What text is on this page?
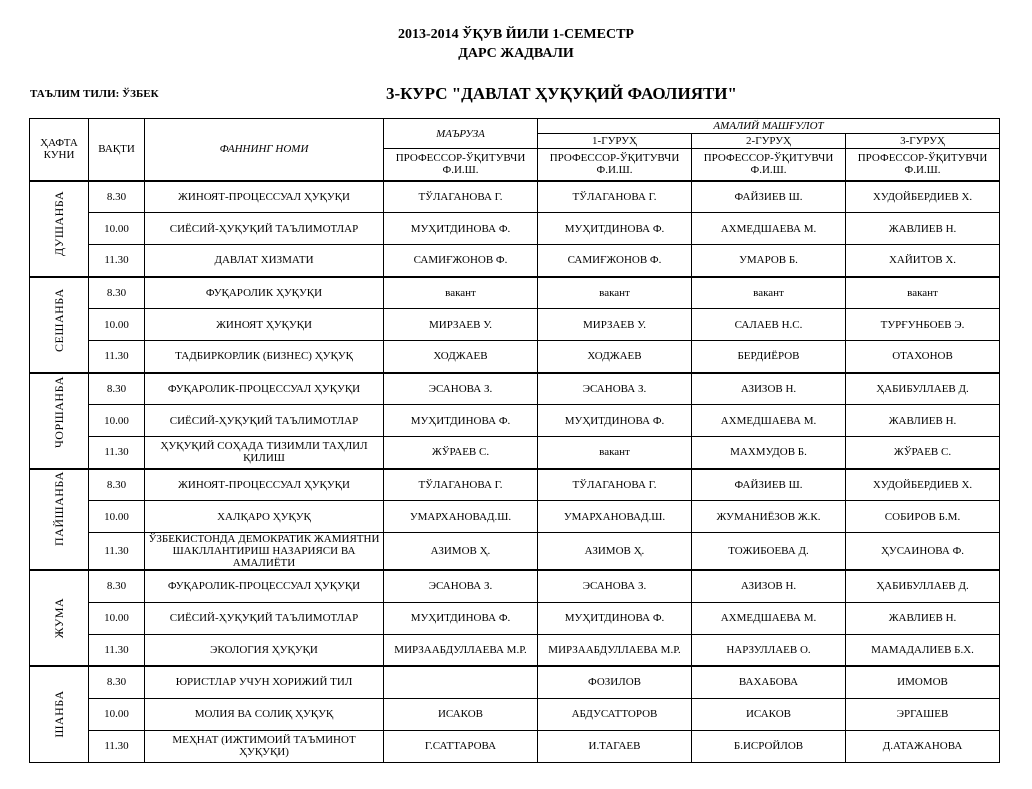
2013-2014 ЎҚУВ ЙИЛИ 1-СЕМЕСТР
ДАРС ЖАДВАЛИ
ТАЪЛИМ ТИЛИ: ЎЗБЕК	3-КУРС "ДАВЛАТ ҲУҚУҚИЙ ФАОЛИЯТИ"
ҲАФТА КУНИ	ВАҚТИ	ФАННИНГ НОМИ	МАЪРУЗА	АМАЛИЙ МАШҒУЛОТ		
				1-ГУРУҲ	2-ГУРУҲ	3-ГУРУҲ
			ПРОФЕССОР-ЎҚИТУВЧИ Ф.И.Ш.	ПРОФЕССОР-ЎҚИТУВЧИ Ф.И.Ш.	ПРОФЕССОР-ЎҚИТУВЧИ Ф.И.Ш.	ПРОФЕССОР-ЎҚИТУВЧИ Ф.И.Ш.

ДУШАНБА	8.30	ЖИНОЯТ-ПРОЦЕССУАЛ ҲУҚУҚИ	ТЎЛАГАНОВА Г.	ТЎЛАГАНОВА Г.	ФАЙЗИЕВ Ш.	ХУДОЙБЕРДИЕВ Х.
	10.00	СИЁСИЙ-ҲУҚУҚИЙ ТАЪЛИМОТЛАР	МУҲИТДИНОВА Ф.	МУҲИТДИНОВА Ф.	АХМЕДШАЕВА М.	ЖАВЛИЕВ Н.
	11.30	ДАВЛАТ ХИЗМАТИ	САМИҒЖОНОВ Ф.	САМИҒЖОНОВ Ф.	УМАРОВ Б.	ХАЙИТОВ Х.

СЕШАНБА	8.30	ФУҚАРОЛИК ҲУҚУҚИ	вакант	вакант	вакант	вакант
	10.00	ЖИНОЯТ ҲУҚУҚИ	МИРЗАЕВ У.	МИРЗАЕВ У.	САЛАЕВ Н.С.	ТУРҒУНБОЕВ Э.
	11.30	ТАДБИРКОРЛИК (БИЗНЕС) ҲУҚУҚ	ХОДЖАЕВ	ХОДЖАЕВ	БЕРДИЁРОВ	ОТАХОНОВ

ЧОРШАНБА	8.30	ФУҚАРОЛИК-ПРОЦЕССУАЛ ҲУҚУҚИ	ЭСАНОВА З.	ЭСАНОВА З.	АЗИЗОВ Н.	ҲАБИБУЛЛАЕВ Д.
	10.00	СИЁСИЙ-ҲУҚУҚИЙ ТАЪЛИМОТЛАР	МУҲИТДИНОВА Ф.	МУҲИТДИНОВА Ф.	АХМЕДШАЕВА М.	ЖАВЛИЕВ Н.
	11.30	ҲУҚУҚИЙ СОҲАДА ТИЗИМЛИ ТАҲЛИЛ ҚИЛИШ	ЖЎРАЕВ С.	вакант	МАХМУДОВ Б.	ЖЎРАЕВ С.

ПАЙШАНБА	8.30	ЖИНОЯТ-ПРОЦЕССУАЛ ҲУҚУҚИ	ТЎЛАГАНОВА Г.	ТЎЛАГАНОВА Г.	ФАЙЗИЕВ Ш.	ХУДОЙБЕРДИЕВ Х.
	10.00	ХАЛҚАРО ҲУҚУҚ	УМАРХАНОВАД.Ш.	УМАРХАНОВАД.Ш.	ЖУМАНИЁЗОВ Ж.К.	СОБИРОВ Б.М.
	11.30	ЎЗБЕКИСТОНДА ДЕМОКРАТИК ЖАМИЯТНИ ШАКЛЛАНТИРИШ НАЗАРИЯСИ ВА АМАЛИЁТИ	АЗИМОВ Ҳ.	АЗИМОВ Ҳ.	ТОЖИБОЕВА Д.	ҲУСАИНОВА Ф.

ЖУМА	8.30	ФУҚАРОЛИК-ПРОЦЕССУАЛ ҲУҚУҚИ	ЭСАНОВА З.	ЭСАНОВА З.	АЗИЗОВ Н.	ҲАБИБУЛЛАЕВ Д.
	10.00	СИЁСИЙ-ҲУҚУҚИЙ ТАЪЛИМОТЛАР	МУҲИТДИНОВА Ф.	МУҲИТДИНОВА Ф.	АХМЕДШАЕВА М.	ЖАВЛИЕВ Н.
	11.30	ЭКОЛОГИЯ ҲУҚУҚИ	МИРЗААБДУЛЛАЕВА М.Р.	МИРЗААБДУЛЛАЕВА М.Р.	НАРЗУЛЛАЕВ О.	МАМАДАЛИЕВ Б.Х.

ШАНБА	8.30	ЮРИСТЛАР УЧУН ХОРИЖИЙ ТИЛ		ФОЗИЛОВ	ВАХАБОВА	ИМОМОВ
	10.00	МОЛИЯ ВА СОЛИҚ ҲУҚУҚ	ИСАКОВ	АБДУСАТТОРОВ	ИСАКОВ	ЭРГАШЕВ
	11.30	МЕҲНАТ (ИЖТИМОИЙ ТАЪМИНОТ ҲУҚУҚИ)	Г.САТТАРОВА	И.ТАГАЕВ	Б.ИСРОЙЛОВ	Д.АТАЖАНОВА
